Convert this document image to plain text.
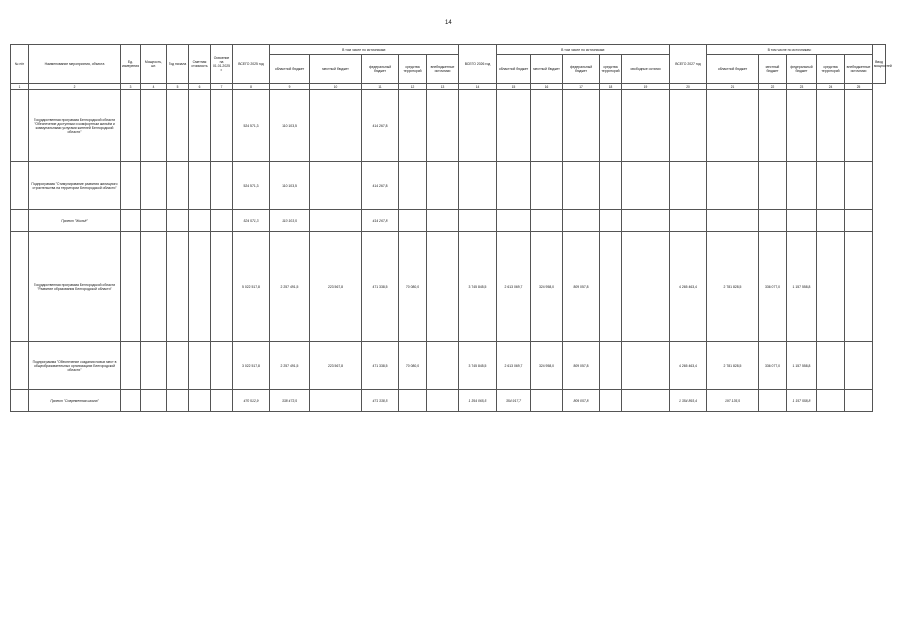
14
№ п/п	Наименование мероприятия, объекта	Ед. измерения	Мощность, шт.	Год начала	Сметная стоимость	Освоение на 01.01.2025 г.	ВСЕГО 2025 год	В том числе по источникам:					ВСЕГО 2026 год	В том числе по источникам:					ВСЕГО 2027 год	В том числе по источникам:					Ввод мощностей
								областной бюджет	местный бюджет	федеральный бюджет	средства территорий	внебюджетные источники		областной бюджет	местный бюджет	федеральный бюджет	средства территорий	свободные остатки		областной бюджет	местный бюджет	федеральный бюджет	средства территорий	внебюджетные источники	
1	2	3	4	5	6	7	8	9	10	11	12	13	14	15	16	17	18	19	20	21	22	23	24	25	
	Государственная программа Белгородской области "Обеспечение доступным и комфортным жильём и коммунальными услугами жителей Белгородской области"						524 571,3	110 103,5		414 267,8															
	Подпрограмма "Стимулирование развития жилищного строительства на территории Белгородской области"						524 571,3	110 103,5		414 267,8															
	Проект "Жильё"						524 571,3	110 103,5		414 267,8															
	Государственная программа Белгородской области "Развитие образования Белгородской области"						5 022 517,8	2 257 491,5	223 567,8	471 338,5	70 080,0		3 745 845,5	2 613 069,7	324 958,0	809 057,8			4 265 463,4	2 781 828,5	336 077,0	1 157 558,8			
	Подпрограмма "Обеспечение создания новых мест в общеобразовательных организациях Белгородской области"						3 022 517,8	2 257 491,5	223 567,8	471 338,5	70 080,0		3 745 845,5	2 613 069,7	324 958,0	809 057,8			4 265 463,4	2 781 828,5	336 077,0	1 157 558,8			
	Проект "Современная школа"						470 512,9	338 473,5		471 338,5			1 354 065,5	354 917,7		809 057,8			1 354 893,4	197 135,5		1 157 558,8			
